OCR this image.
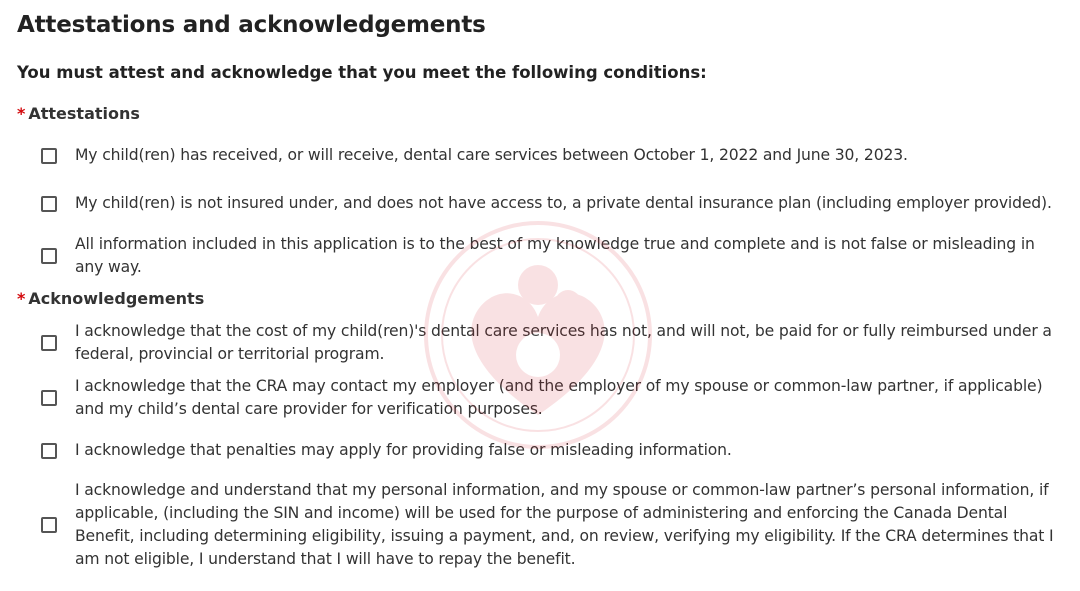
Attestations and acknowledgements

You must attest and acknowledge that you meet the following conditions:

* Attestations
My child(ren) has received, or will receive, dental care services between October 1, 2022 and June 30, 2023.
My child(ren) is not insured under, and does not have access to, a private dental insurance plan (including employer provided).
All information included in this application is to the best of my knowledge true and complete and is not false or misleading in any way.
* Acknowledgements
I acknowledge that the cost of my child(ren)'s dental care services has not, and will not, be paid for or fully reimbursed under a federal, provincial or territorial program.
I acknowledge that the CRA may contact my employer (and the employer of my spouse or common-law partner, if applicable) and my child’s dental care provider for verification purposes.
I acknowledge that penalties may apply for providing false or misleading information.
I acknowledge and understand that my personal information, and my spouse or common-law partner’s personal information, if applicable, (including the SIN and income) will be used for the purpose of administering and enforcing the Canada Dental Benefit, including determining eligibility, issuing a payment, and, on review, verifying my eligibility. If the CRA determines that I am not eligible, I understand that I will have to repay the benefit.
